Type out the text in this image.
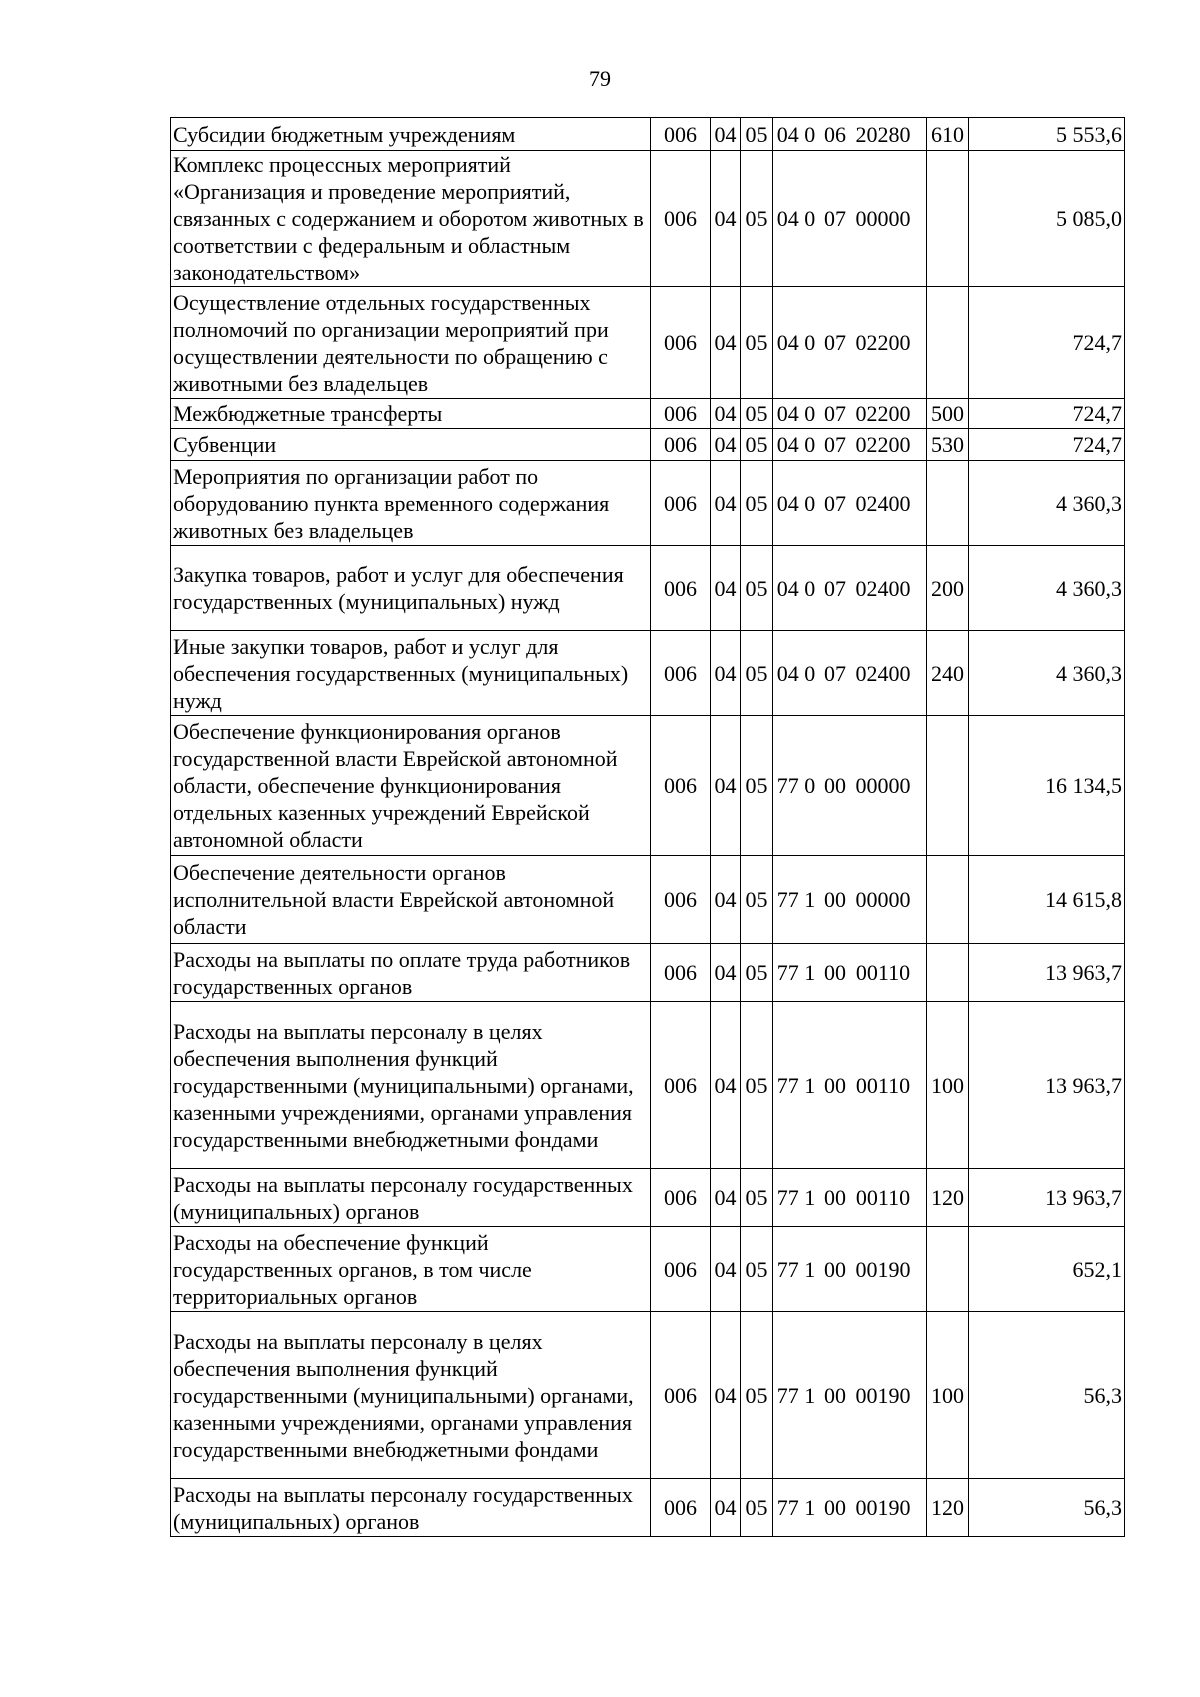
79
Субсидии бюджетным учреждениям	006	04	05	04 0 06 20280	610	5 553,6
Комплекс процессных мероприятий «Организация и проведение мероприятий, связанных с содержанием и оборотом животных в соответствии с федеральным и областным законодательством»	006	04	05	04 0 07 00000		5 085,0
Осуществление отдельных государственных полномочий по организации мероприятий при осуществлении деятельности по обращению с животными без владельцев	006	04	05	04 0 07 02200		724,7
Межбюджетные трансферты	006	04	05	04 0 07 02200	500	724,7
Субвенции	006	04	05	04 0 07 02200	530	724,7
Мероприятия по организации работ по оборудованию пункта временного содержания животных без владельцев	006	04	05	04 0 07 02400		4 360,3
Закупка товаров, работ и услуг для обеспечения государственных (муниципальных) нужд	006	04	05	04 0 07 02400	200	4 360,3
Иные закупки товаров, работ и услуг для обеспечения государственных (муниципальных) нужд	006	04	05	04 0 07 02400	240	4 360,3
Обеспечение функционирования органов государственной власти Еврейской автономной области, обеспечение функционирования отдельных казенных учреждений Еврейской автономной области	006	04	05	77 0 00 00000		16 134,5
Обеспечение деятельности органов исполнительной власти Еврейской автономной области	006	04	05	77 1 00 00000		14 615,8
Расходы на выплаты по оплате труда работников государственных органов	006	04	05	77 1 00 00110		13 963,7
Расходы на выплаты персоналу в целях обеспечения выполнения функций государственными (муниципальными) органами, казенными учреждениями, органами управления государственными внебюджетными фондами	006	04	05	77 1 00 00110	100	13 963,7
Расходы на выплаты персоналу государственных (муниципальных) органов	006	04	05	77 1 00 00110	120	13 963,7
Расходы на обеспечение функций государственных органов, в том числе территориальных органов	006	04	05	77 1 00 00190		652,1
Расходы на выплаты персоналу в целях обеспечения выполнения функций государственными (муниципальными) органами, казенными учреждениями, органами управления государственными внебюджетными фондами	006	04	05	77 1 00 00190	100	56,3
Расходы на выплаты персоналу государственных (муниципальных) органов	006	04	05	77 1 00 00190	120	56,3
